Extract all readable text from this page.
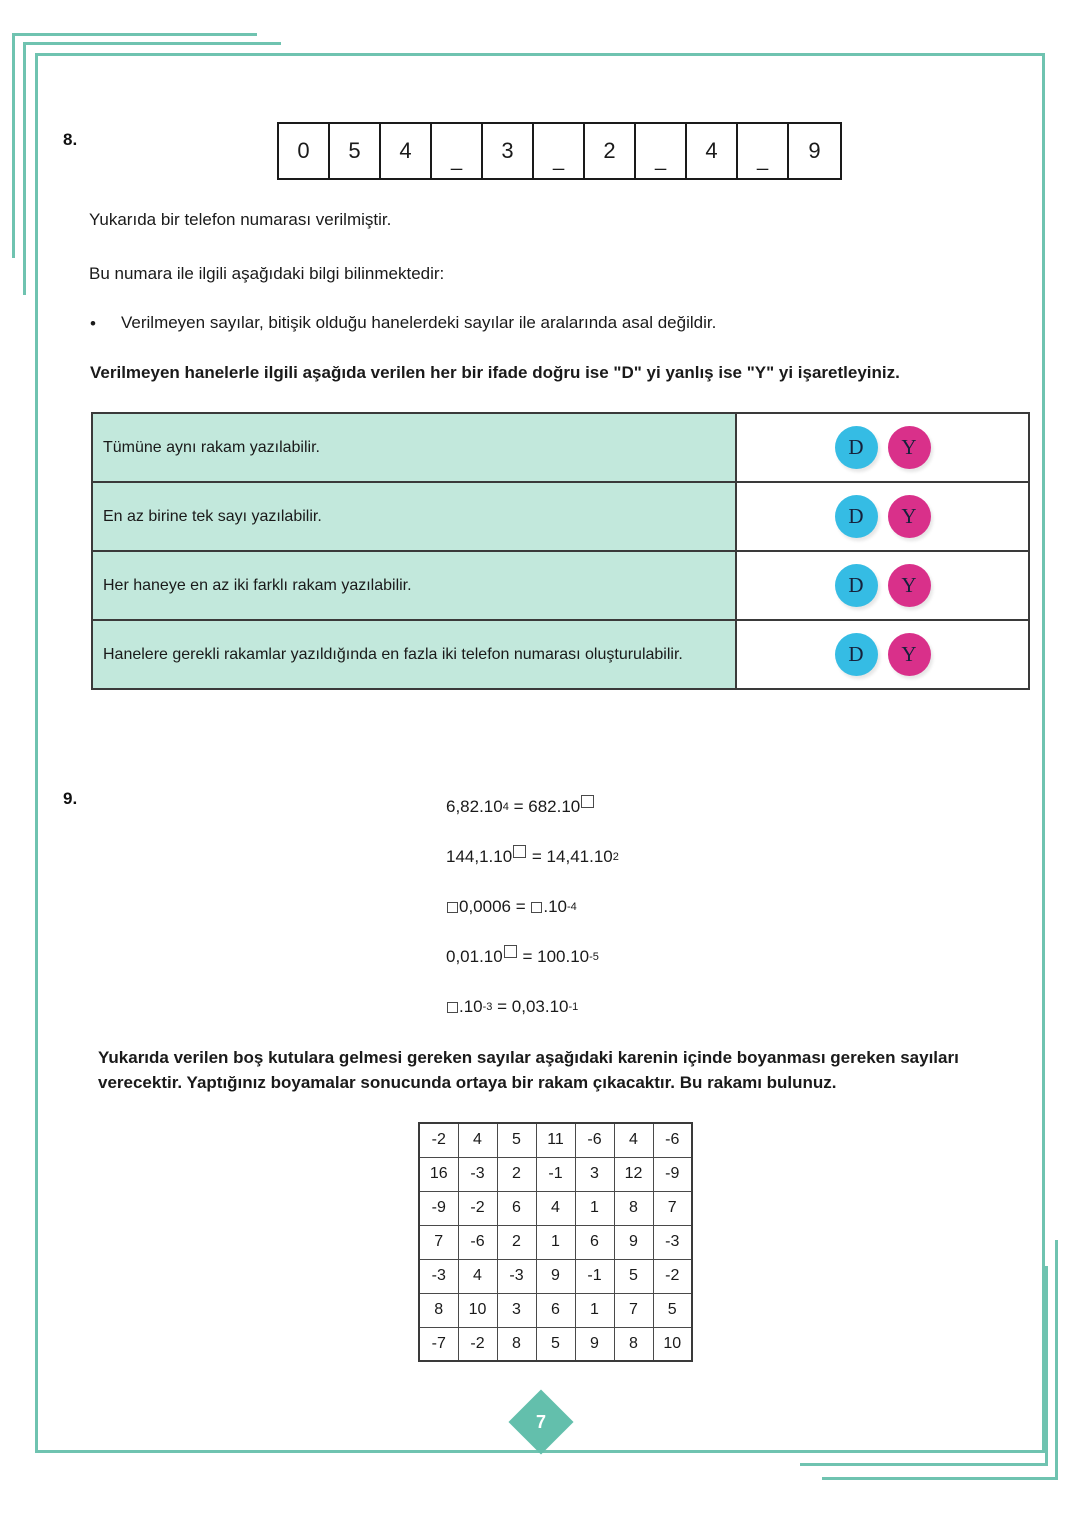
8.	0	5	4	_	3	_	2	_	4	_	9
Yukarıda bir telefon numarası verilmiştir.
Bu numara ile ilgili aşağıdaki bilgi bilinmektedir:
• Verilmeyen sayılar, bitişik olduğu hanelerdeki sayılar ile aralarında asal değildir.
Verilmeyen hanelerle ilgili aşağıda verilen her bir ifade doğru ise "D" yi yanlış ise "Y" yi işaretleyiniz.
Tümüne aynı rakam yazılabilir.	D Y

En az birine tek sayı yazılabilir.	D Y

Her haneye en az iki farklı rakam yazılabilir.	D Y

Hanelere gerekli rakamlar yazıldığında en fazla iki telefon numarası oluşturulabilir.	D Y
9.	6,82.10 4 = 682.10
144,1.10
= $14,41.10_2$
0,0006 =
.10 -4
0,01.10
= $100.10_{-5}$
.10 -3 = 0,03.10 -1
Yukarıda verilen boş kutulara gelmesi gereken sayılar aşağıdaki karenin içinde boyanması gereken sayıları verecektir. Yaptığınız boyamalar sonucunda ortaya bir rakam çıkacaktır. Bu rakamı bulunuz.
-2	4	5	11	-6	4	-6
16	-3	2	-1	3	12	-9
-9	-2	6	4	1	8	7
7	-6	2	1	6	9	-3
-3	4	-3	9	-1	5	-2
8	10	3	6	1	7	5
-7	-2	8	5	9	8	10
7
